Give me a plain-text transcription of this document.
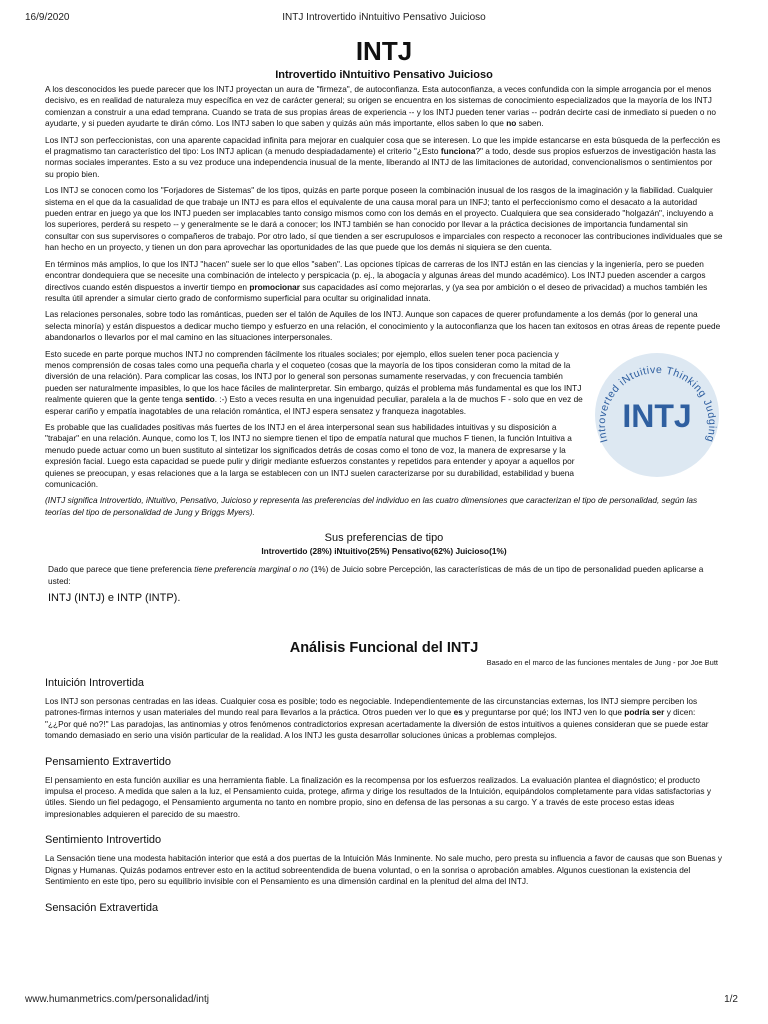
16/9/2020	INTJ Introvertido iNntuitivo Pensativo Juicioso
INTJ
Introvertido iNntuitivo Pensativo Juicioso

A los desconocidos les puede parecer que los INTJ proyectan un aura de "firmeza", de autoconfianza. Esta autoconfianza, a veces confundida con la simple arrogancia por el menos decisivo, es en realidad de naturaleza muy específica en vez de carácter general; su origen se encuentra en los sistemas de conocimiento especializados que la mayoría de los INTJ comienzan a construir a una edad temprana. Cuando se trata de sus propias áreas de experiencia -- y los INTJ pueden tener varias -- podrán decirte casi de inmediato si pueden o no ayudarte, y si pueden ayudarte te dirán cómo. Los INTJ saben lo que saben y quizás aún más importante, ellos saben lo que no saben.

Los INTJ son perfeccionistas, con una aparente capacidad infinita para mejorar en cualquier cosa que se interesen. Lo que les impide estancarse en esta búsqueda de la perfección es el pragmatismo tan característico del tipo: Los INTJ aplican (a menudo despiadadamente) el criterio "¿Esto funciona?" a todo, desde sus propios esfuerzos de investigación hasta las normas sociales imperantes. Esto a su vez produce una independencia inusual de la mente, liberando al INTJ de las limitaciones de autoridad, convencionalismos o sentimientos por su propio bien.

Los INTJ se conocen como los "Forjadores de Sistemas" de los tipos, quizás en parte porque poseen la combinación inusual de los rasgos de la imaginación y la fiabilidad. Cualquier sistema en el que da la casualidad de que trabaje un INTJ es para ellos el equivalente de una causa moral para un INFJ; tanto el perfeccionismo como el desacato a la autoridad pueden entrar en juego ya que los INTJ pueden ser implacables tanto consigo mismos como con los demás en el proyecto. Cualquiera que sea considerado "holgazán", incluyendo a los superiores, perderá su respeto -- y generalmente se le dará a conocer; los INTJ también se han conocido por llevar a la práctica decisiones de importancia fundamental sin consultar con sus supervisores o compañeros de trabajo. Por otro lado, sí que tienden a ser escrupulosos e imparciales con respecto a reconocer las contribuciones individuales que se han hecho en un proyecto, y tienen un don para aprovechar las oportunidades de las que puede que los demás ni siquiera se den cuenta.

En términos más amplios, lo que los INTJ "hacen" suele ser lo que ellos "saben". Las opciones típicas de carreras de los INTJ están en las ciencias y la ingeniería, pero se pueden encontrar dondequiera que se necesite una combinación de intelecto y perspicacia (p. ej., la abogacía y algunas áreas del mundo académico). Los INTJ pueden ascender a cargos directivos cuando estén dispuestos a invertir tiempo en promocionar sus capacidades así como mejorarlas, y (ya sea por ambición o el deseo de privacidad) a muchos también les resulta útil aprender a simular cierto grado de conformismo superficial para ocultar su originalidad innata.

Las relaciones personales, sobre todo las románticas, pueden ser el talón de Aquiles de los INTJ. Aunque son capaces de querer profundamente a los demás (por lo general una selecta minoría) y están dispuestos a dedicar mucho tiempo y esfuerzo en una relación, el conocimiento y la autoconfianza que los hacen tan exitosos en otras áreas de repente puede abandonarlos o llevarlos por el mal camino en las situaciones interpersonales.

Introverted iNtuitive Thinking Judging
INTJ

Esto sucede en parte porque muchos INTJ no comprenden fácilmente los rituales sociales; por ejemplo, ellos suelen tener poca paciencia y menos comprensión de cosas tales como una pequeña charla y el coqueteo (cosas que la mayoría de los tipos consideran como la mitad de la diversión de una relación). Para complicar las cosas, los INTJ por lo general son personas sumamente reservadas, y con frecuencia también pueden ser naturalmente impasibles, lo que los hace fáciles de malinterpretar. Sin embargo, quizás el problema más fundamental es que los INTJ realmente quieren que la gente tenga sentido. :-) Esto a veces resulta en una ingenuidad peculiar, paralela a la de muchos F - solo que en vez de esperar cariño y empatía inagotables de una relación romántica, el INTJ espera sensatez y franqueza inagotables.

Es probable que las cualidades positivas más fuertes de los INTJ en el área interpersonal sean sus habilidades intuitivas y su disposición a "trabajar" en una relación. Aunque, como los T, los INTJ no siempre tienen el tipo de empatía natural que muchos F tienen, la función Intuitiva a menudo puede actuar como un buen sustituto al sintetizar los significados detrás de cosas como el tono de voz, la manera de expresarse y la expresión facial. Luego esta capacidad se puede pulir y dirigir mediante esfuerzos constantes y repetidos para entender y apoyar a aquellos por quienes se preocupan, y esas relaciones que a la larga se establecen con un INTJ suelen caracterizarse por su durabilidad, estabilidad y buena comunicación.

(INTJ significa Introvertido, iNtuitivo, Pensativo, Juicioso y representa las preferencias del individuo en las cuatro dimensiones que caracterizan el tipo de personalidad, según las teorías del tipo de personalidad de Jung y Briggs Myers).

Sus preferencias de tipo
Introvertido (28%) iNtuitivo(25%) Pensativo(62%) Juicioso(1%)

Dado que parece que tiene preferencia tiene preferencia marginal o no (1%) de Juicio sobre Percepción, las características de más de un tipo de personalidad pueden aplicarse a usted:

INTJ (INTJ) e INTP (INTP).
Análisis Funcional del INTJ
Basado en el marco de las funciones mentales de Jung - por Joe Butt
Intuición Introvertida

Los INTJ son personas centradas en las ideas. Cualquier cosa es posible; todo es negociable. Independientemente de las circunstancias externas, los INTJ siempre perciben los patrones-firmas internos y usan materiales del mundo real para llevarlos a la práctica. Otros pueden ver lo que es y preguntarse por qué; los INTJ ven lo que podría ser y dicen: "¿¿Por qué no?!" Las paradojas, las antinomias y otros fenómenos contradictorios expresan acertadamente la diversión de estos intuitivos a quienes consideran que se puede estar tomando demasiado en serio una visión particular de la realidad. A los INTJ les gusta desarrollar soluciones únicas a problemas complejos.

Pensamiento Extravertido

El pensamiento en esta función auxiliar es una herramienta fiable. La finalización es la recompensa por los esfuerzos realizados. La evaluación plantea el diagnóstico; el producto impulsa el proceso. A medida que salen a la luz, el Pensamiento cuida, protege, afirma y dirige los resultados de la Intuición, equipándolos completamente para vidas satisfactorias y útiles. Siendo un fiel pedagogo, el Pensamiento argumenta no tanto en nombre propio, sino en defensa de las personas a su cargo. Y a través de este proceso estas ideas impresionables adquieren el parecido de su maestro.

Sentimiento Introvertido

La Sensación tiene una modesta habitación interior que está a dos puertas de la Intuición Más Inminente. No sale mucho, pero presta su influencia a favor de causas que son Buenas y Dignas y Humanas. Quizás podamos entrever esto en la actitud sobreentendida de buena voluntad, o en la sonrisa o aprobación amables. Algunos cuestionan la existencia del Sentimiento en este tipo, pero su equilibrio invisible con el Pensamiento es una dimensión cardinal en la plenitud del alma del INTJ.

Sensación Extravertida
www.humanmetrics.com/personalidad/intj	1/2
